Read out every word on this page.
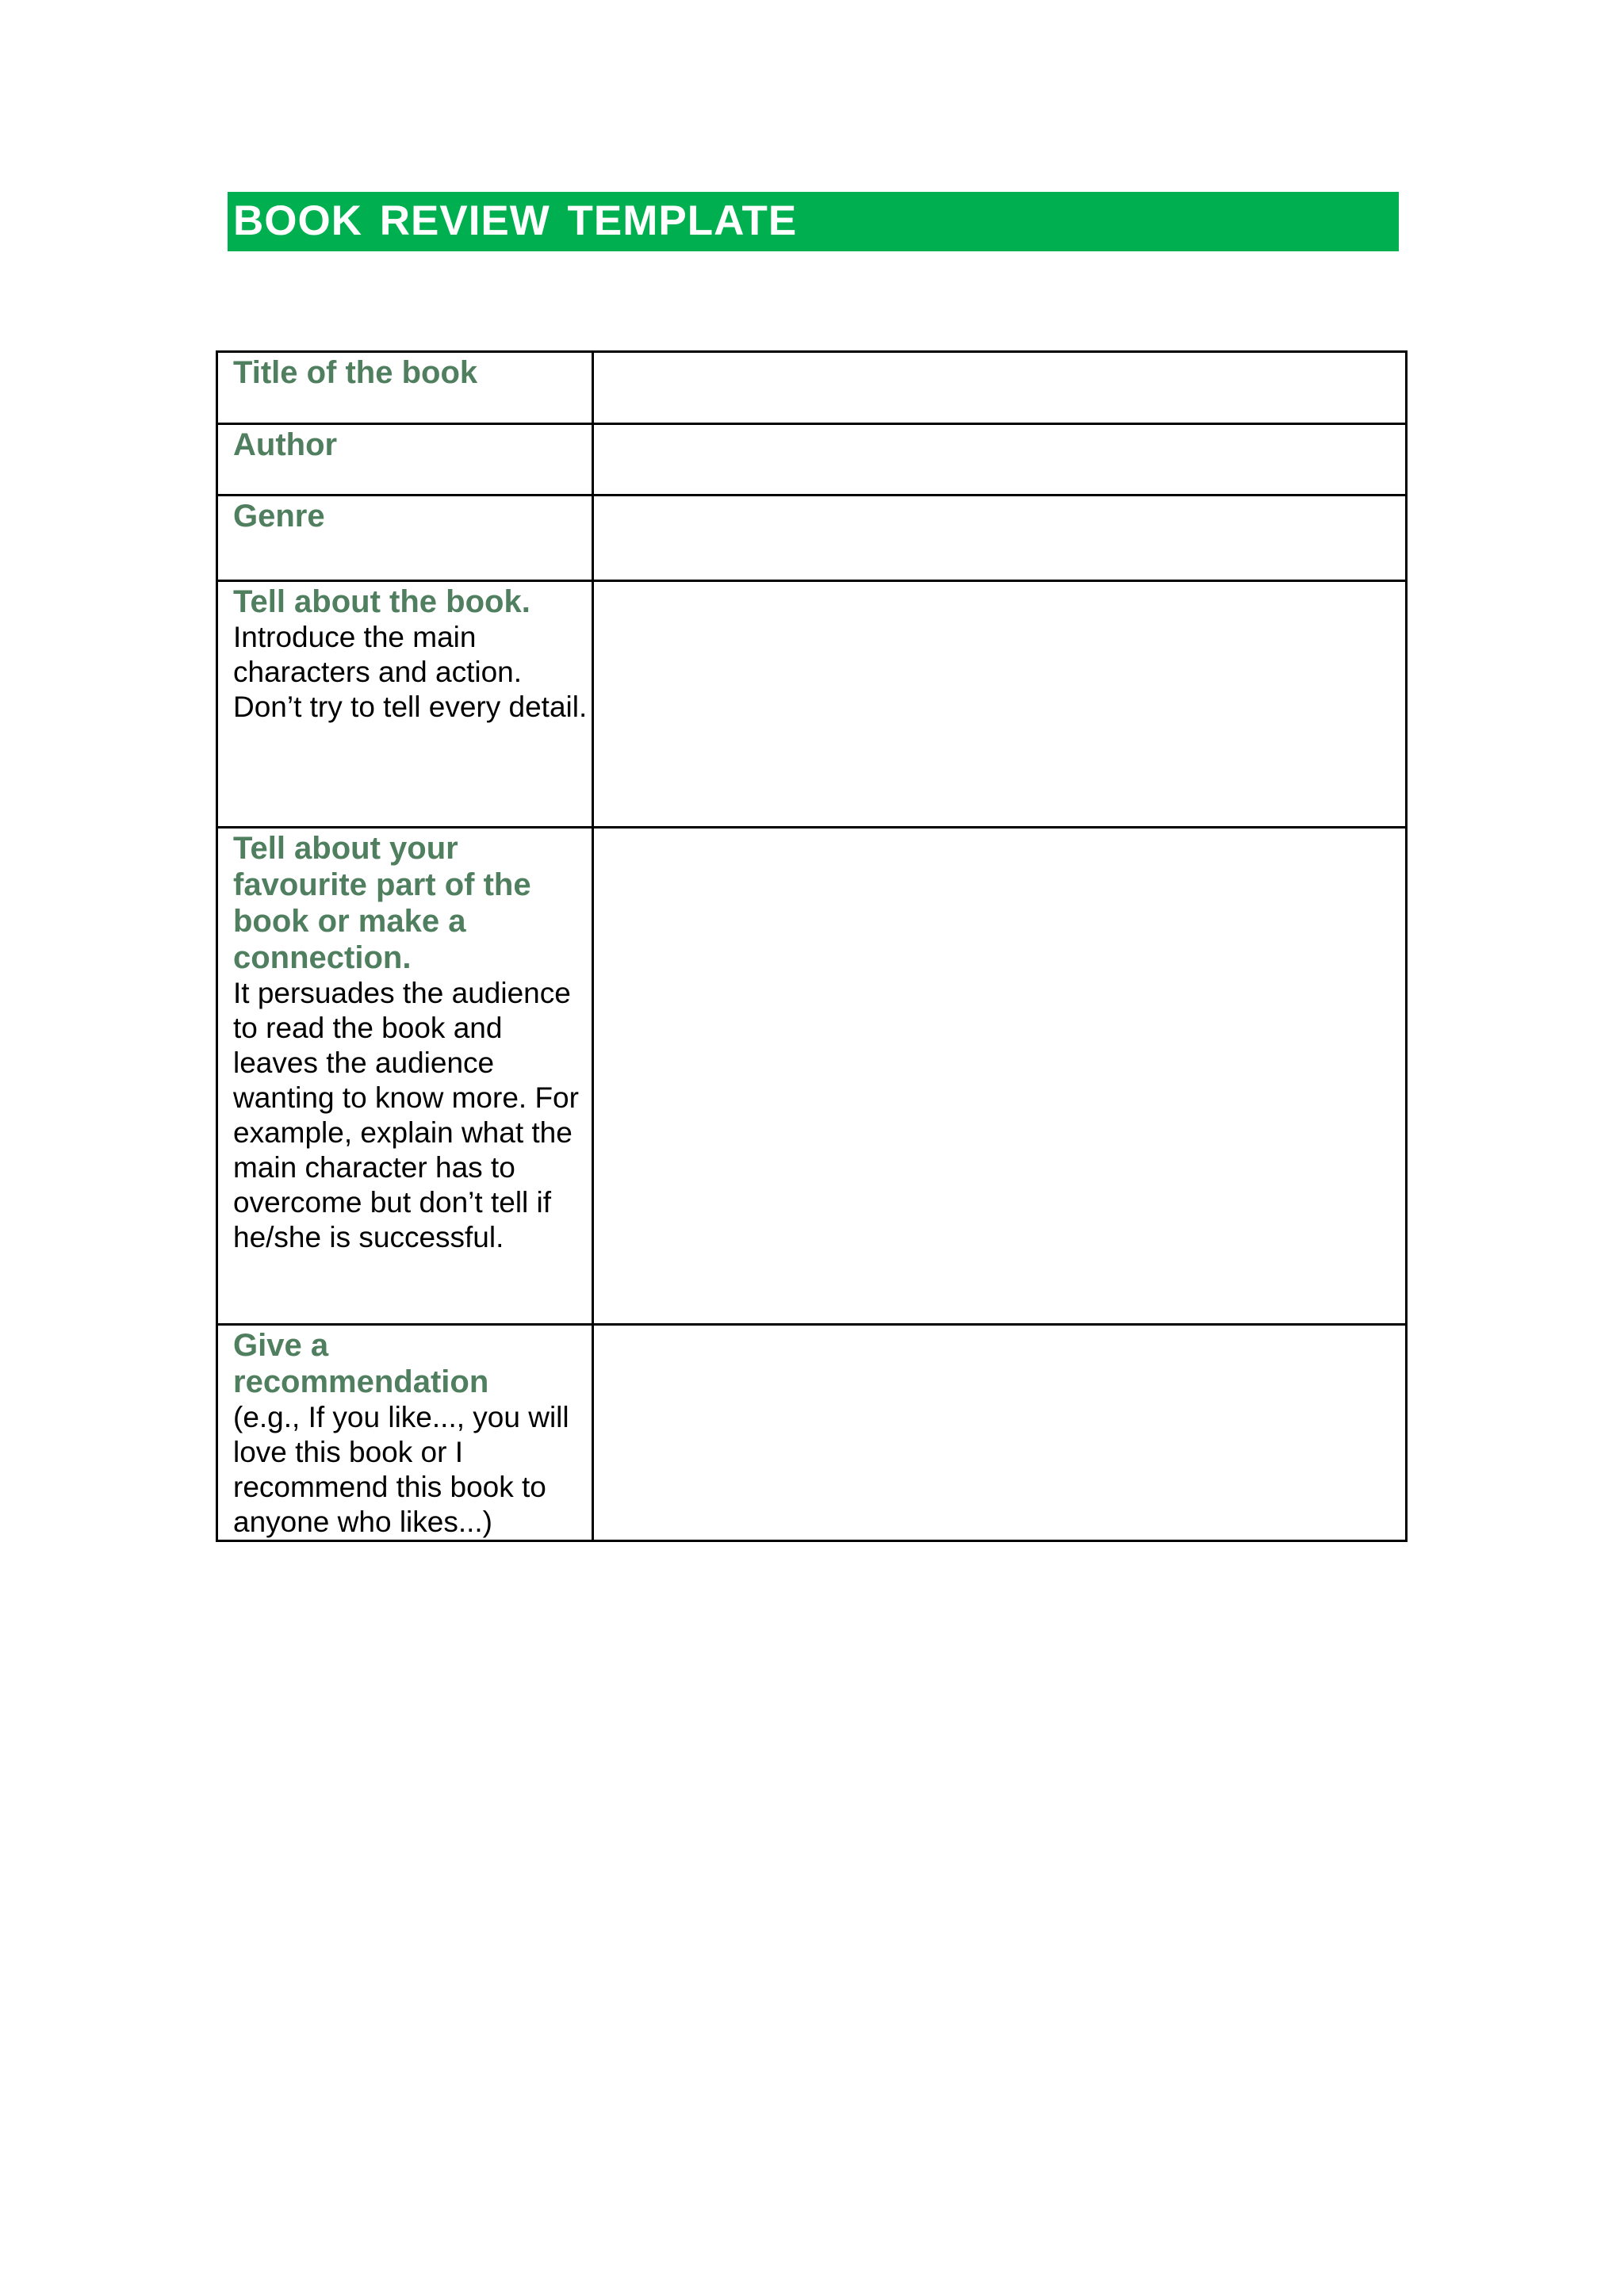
BOOK REVIEW TEMPLATE
Title of the book	

Author	

Genre	

Tell about the book.
Introduce the main characters and action. Don’t try to tell every detail.	

Tell about your favourite part of the book or make a connection.
It persuades the audience to read the book and leaves the audience wanting to know more. For example, explain what the main character has to overcome but don’t tell if he/she is successful.	

Give a recommendation
(e.g., If you like..., you will love this book or I recommend this book to anyone who likes...)	
